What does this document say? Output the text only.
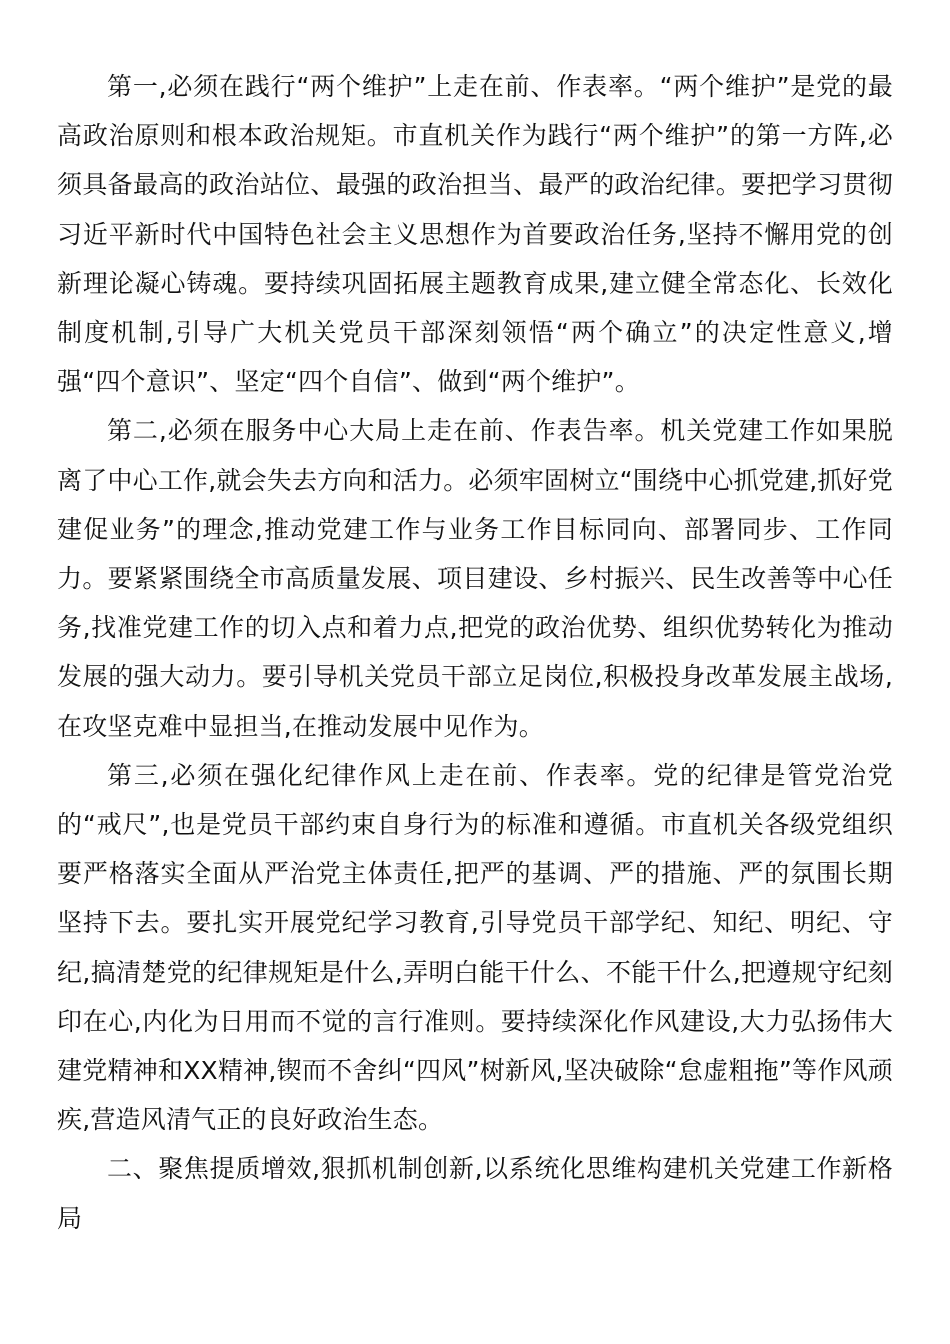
第一,必须在践行“两个维护”上走在前、作表率。“两个维护”是党的最高政治原则和根本政治规矩。市直机关作为践行“两个维护”的第一方阵,必须具备最高的政治站位、最强的政治担当、最严的政治纪律。要把学习贯彻习近平新时代中国特色社会主义思想作为首要政治任务,坚持不懈用党的创新理论凝心铸魂。要持续巩固拓展主题教育成果,建立健全常态化、长效化制度机制,引导广大机关党员干部深刻领悟“两个确立”的决定性意义,增强“四个意识”、坚定“四个自信”、做到“两个维护”。

第二,必须在服务中心大局上走在前、作表告率。机关党建工作如果脱离了中心工作,就会失去方向和活力。必须牢固树立“围绕中心抓党建,抓好党建促业务”的理念,推动党建工作与业务工作目标同向、部署同步、工作同力。要紧紧围绕全市高质量发展、项目建设、乡村振兴、民生改善等中心任务,找准党建工作的切入点和着力点,把党的政治优势、组织优势转化为推动发展的强大动力。要引导机关党员干部立足岗位,积极投身改革发展主战场,在攻坚克难中显担当,在推动发展中见作为。

第三,必须在强化纪律作风上走在前、作表率。党的纪律是管党治党的“戒尺”,也是党员干部约束自身行为的标准和遵循。市直机关各级党组织要严格落实全面从严治党主体责任,把严的基调、严的措施、严的氛围长期坚持下去。要扎实开展党纪学习教育,引导党员干部学纪、知纪、明纪、守纪,搞清楚党的纪律规矩是什么,弄明白能干什么、不能干什么,把遵规守纪刻印在心,内化为日用而不觉的言行准则。要持续深化作风建设,大力弘扬伟大建党精神和XX精神,锲而不舍纠“四风”树新风,坚决破除“怠虚粗拖”等作风顽疾,营造风清气正的良好政治生态。

二、聚焦提质增效,狠抓机制创新,以系统化思维构建机关党建工作新格局
